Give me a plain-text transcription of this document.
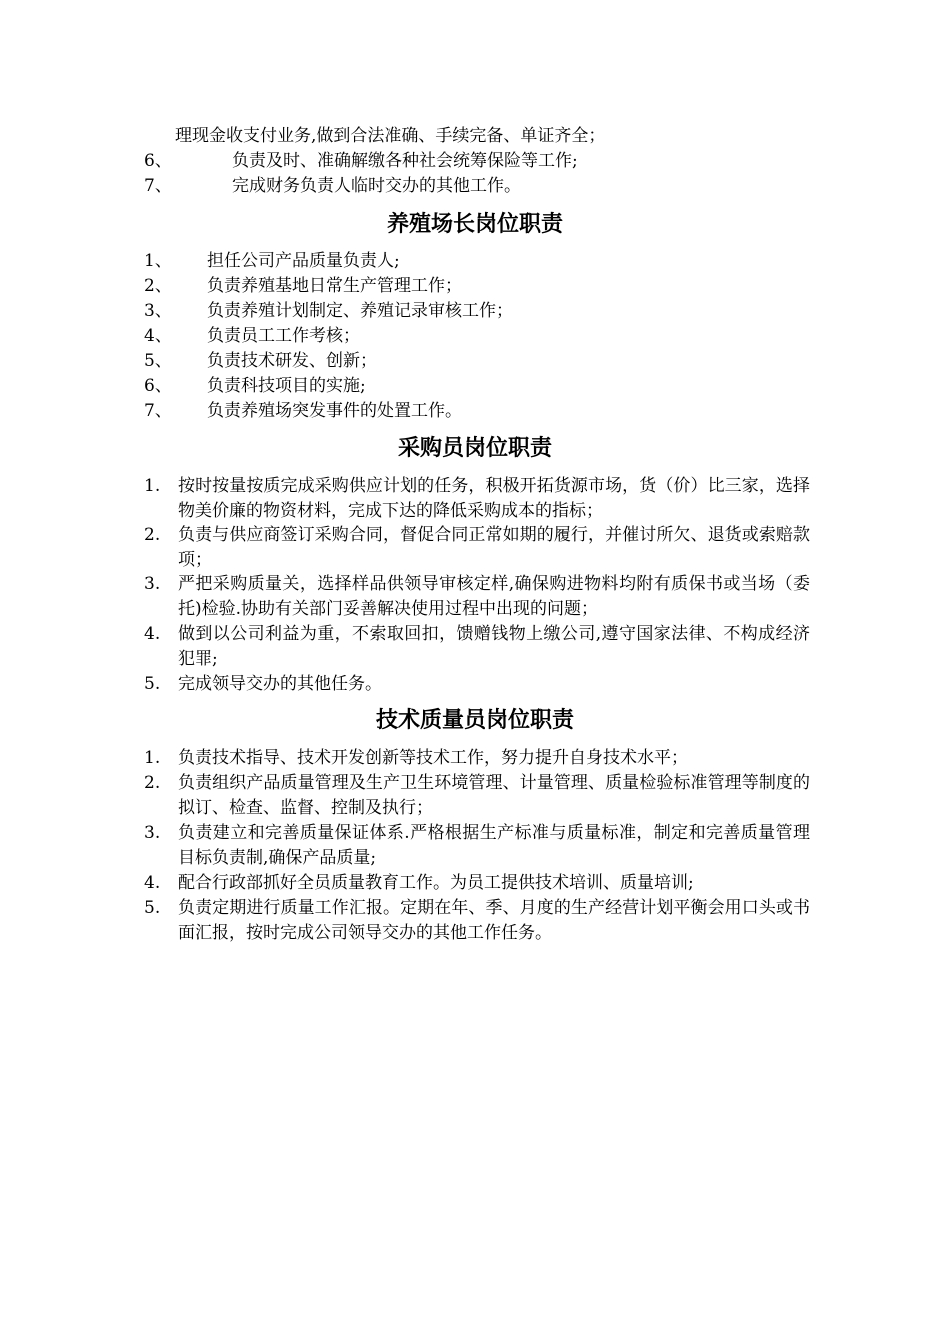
理现金收支付业务,做到合法准确、手续完备、单证齐全；
6、	负责及时、准确解缴各种社会统筹保险等工作;
7、	完成财务负责人临时交办的其他工作。
养殖场长岗位职责
1、 担任公司产品质量负责人;
2、 负责养殖基地日常生产管理工作；
3、 负责养殖计划制定、养殖记录审核工作；
4、 负责员工工作考核；
5、 负责技术研发、创新；
6、 负责科技项目的实施;
7、 负责养殖场突发事件的处置工作。
采购员岗位职责
1. 按时按量按质完成采购供应计划的任务，积极开拓货源市场，货（价）比三家，选择物美价廉的物资材料，完成下达的降低采购成本的指标；
2. 负责与供应商签订采购合同，督促合同正常如期的履行，并催讨所欠、退货或索赔款项；
3. 严把采购质量关，选择样品供领导审核定样,确保购进物料均附有质保书或当场（委托)检验.协助有关部门妥善解决使用过程中出现的问题；
4. 做到以公司利益为重，不索取回扣，馈赠钱物上缴公司,遵守国家法律、不构成经济犯罪;
5. 完成领导交办的其他任务。
技术质量员岗位职责
1. 负责技术指导、技术开发创新等技术工作，努力提升自身技术水平；
2. 负责组织产品质量管理及生产卫生环境管理、计量管理、质量检验标准管理等制度的拟订、检查、监督、控制及执行；
3. 负责建立和完善质量保证体系.严格根据生产标准与质量标准，制定和完善质量管理目标负责制,确保产品质量;
4. 配合行政部抓好全员质量教育工作。为员工提供技术培训、质量培训;
5. 负责定期进行质量工作汇报。定期在年、季、月度的生产经营计划平衡会用口头或书面汇报，按时完成公司领导交办的其他工作任务。
